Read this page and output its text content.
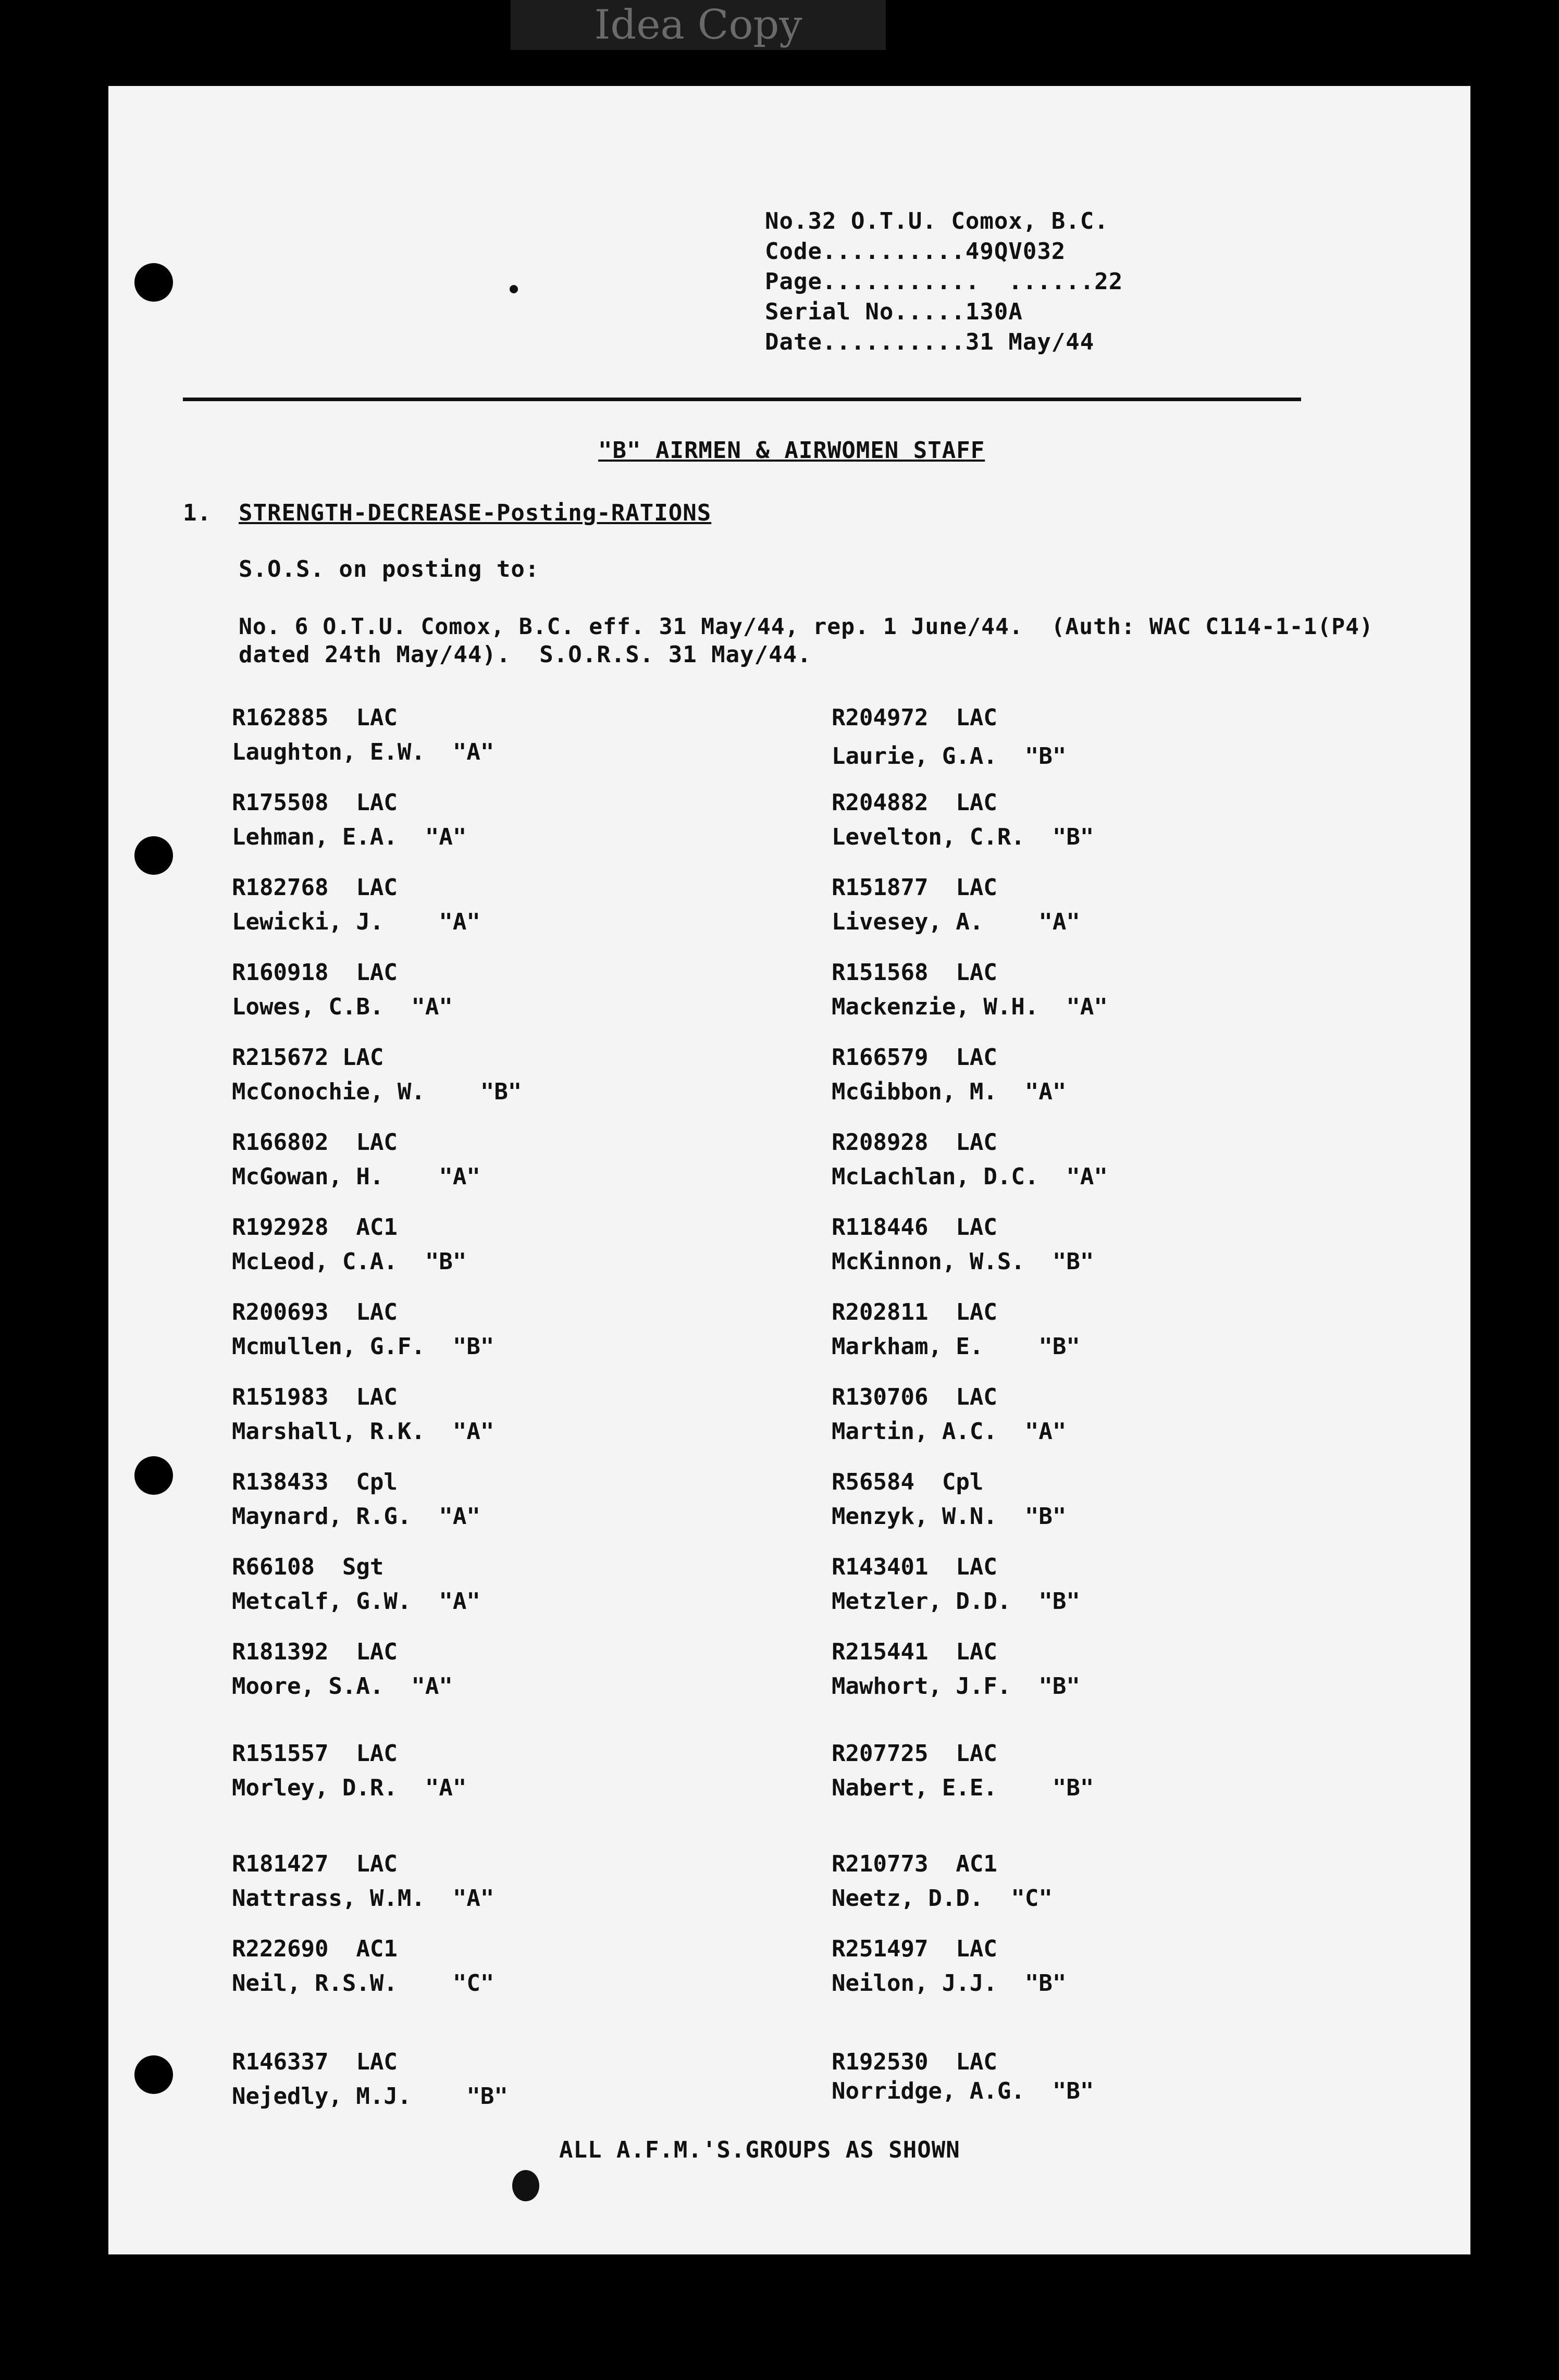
Idea Copy
No.32 O.T.U. Comox, B.C.
Code..........49QV032
Page...........  ......22
Serial No.....130A
Date..........31 May/44
"B" AIRMEN & AIRWOMEN STAFF
1. STRENGTH-DECREASE-Posting-RATIONS
S.O.S. on posting to:
No. 6 O.T.U. Comox, B.C. eff. 31 May/44, rep. 1 June/44.  (Auth: WAC C114-1-1(P4)
dated 24th May/44).  S.O.R.S. 31 May/44.
R162885  LAC
Laughton, E.W.  "A"
R175508  LAC
Lehman, E.A.  "A"
R182768  LAC
Lewicki, J.    "A"
R160918  LAC
Lowes, C.B.  "A"
R215672 LAC
McConochie, W.    "B"
R166802  LAC
McGowan, H.    "A"
R192928  AC1
McLeod, C.A.  "B"
R200693  LAC
Mcmullen, G.F.  "B"
R151983  LAC
Marshall, R.K.  "A"
R138433  Cpl
Maynard, R.G.  "A"
R66108  Sgt
Metcalf, G.W.  "A"
R181392  LAC
Moore, S.A.  "A"
R151557  LAC
Morley, D.R.  "A"
R181427  LAC
Nattrass, W.M.  "A"
R222690  AC1
Neil, R.S.W.    "C"
R146337  LAC
Nejedly, M.J.    "B"
R204972  LAC
Laurie, G.A.  "B"
R204882  LAC
Levelton, C.R.  "B"
R151877  LAC
Livesey, A.    "A"
R151568  LAC
Mackenzie, W.H.  "A"
R166579  LAC
McGibbon, M.  "A"
R208928  LAC
McLachlan, D.C.  "A"
R118446  LAC
McKinnon, W.S.  "B"
R202811  LAC
Markham, E.    "B"
R130706  LAC
Martin, A.C.  "A"
R56584  Cpl
Menzyk, W.N.  "B"
R143401  LAC
Metzler, D.D.  "B"
R215441  LAC
Mawhort, J.F.  "B"
R207725  LAC
Nabert, E.E.    "B"
R210773  AC1
Neetz, D.D.  "C"
R251497  LAC
Neilon, J.J.  "B"
R192530  LAC
Norridge, A.G.  "B"
ALL A.F.M.'S.GROUPS AS SHOWN
